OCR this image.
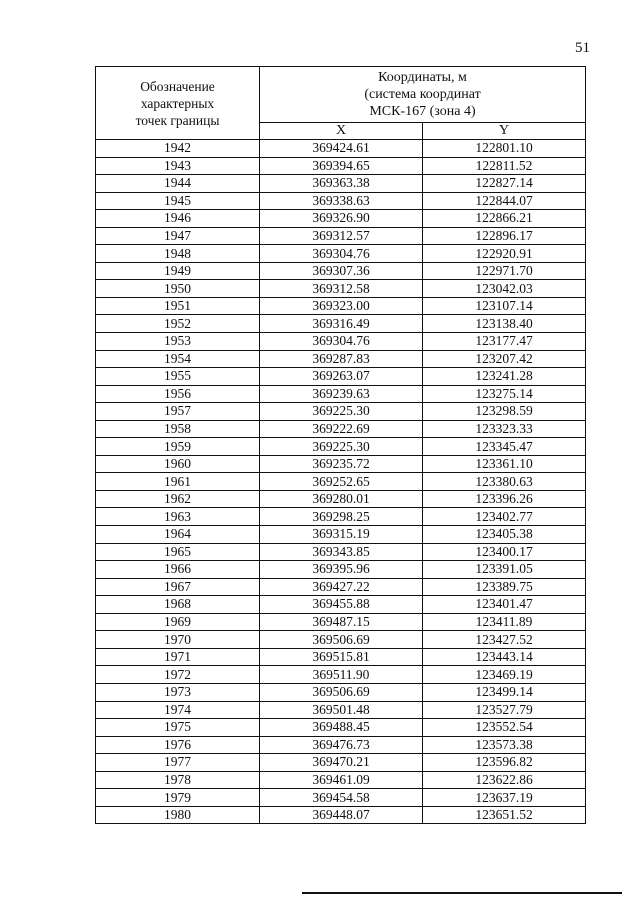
51
Обозначение
характерных
точек границы	Координаты, м
(система координат
МСК-167 (зона 4)	
	X	Y
1942	369424.61	122801.10
1943	369394.65	122811.52
1944	369363.38	122827.14
1945	369338.63	122844.07
1946	369326.90	122866.21
1947	369312.57	122896.17
1948	369304.76	122920.91
1949	369307.36	122971.70
1950	369312.58	123042.03
1951	369323.00	123107.14
1952	369316.49	123138.40
1953	369304.76	123177.47
1954	369287.83	123207.42
1955	369263.07	123241.28
1956	369239.63	123275.14
1957	369225.30	123298.59
1958	369222.69	123323.33
1959	369225.30	123345.47
1960	369235.72	123361.10
1961	369252.65	123380.63
1962	369280.01	123396.26
1963	369298.25	123402.77
1964	369315.19	123405.38
1965	369343.85	123400.17
1966	369395.96	123391.05
1967	369427.22	123389.75
1968	369455.88	123401.47
1969	369487.15	123411.89
1970	369506.69	123427.52
1971	369515.81	123443.14
1972	369511.90	123469.19
1973	369506.69	123499.14
1974	369501.48	123527.79
1975	369488.45	123552.54
1976	369476.73	123573.38
1977	369470.21	123596.82
1978	369461.09	123622.86
1979	369454.58	123637.19
1980	369448.07	123651.52
